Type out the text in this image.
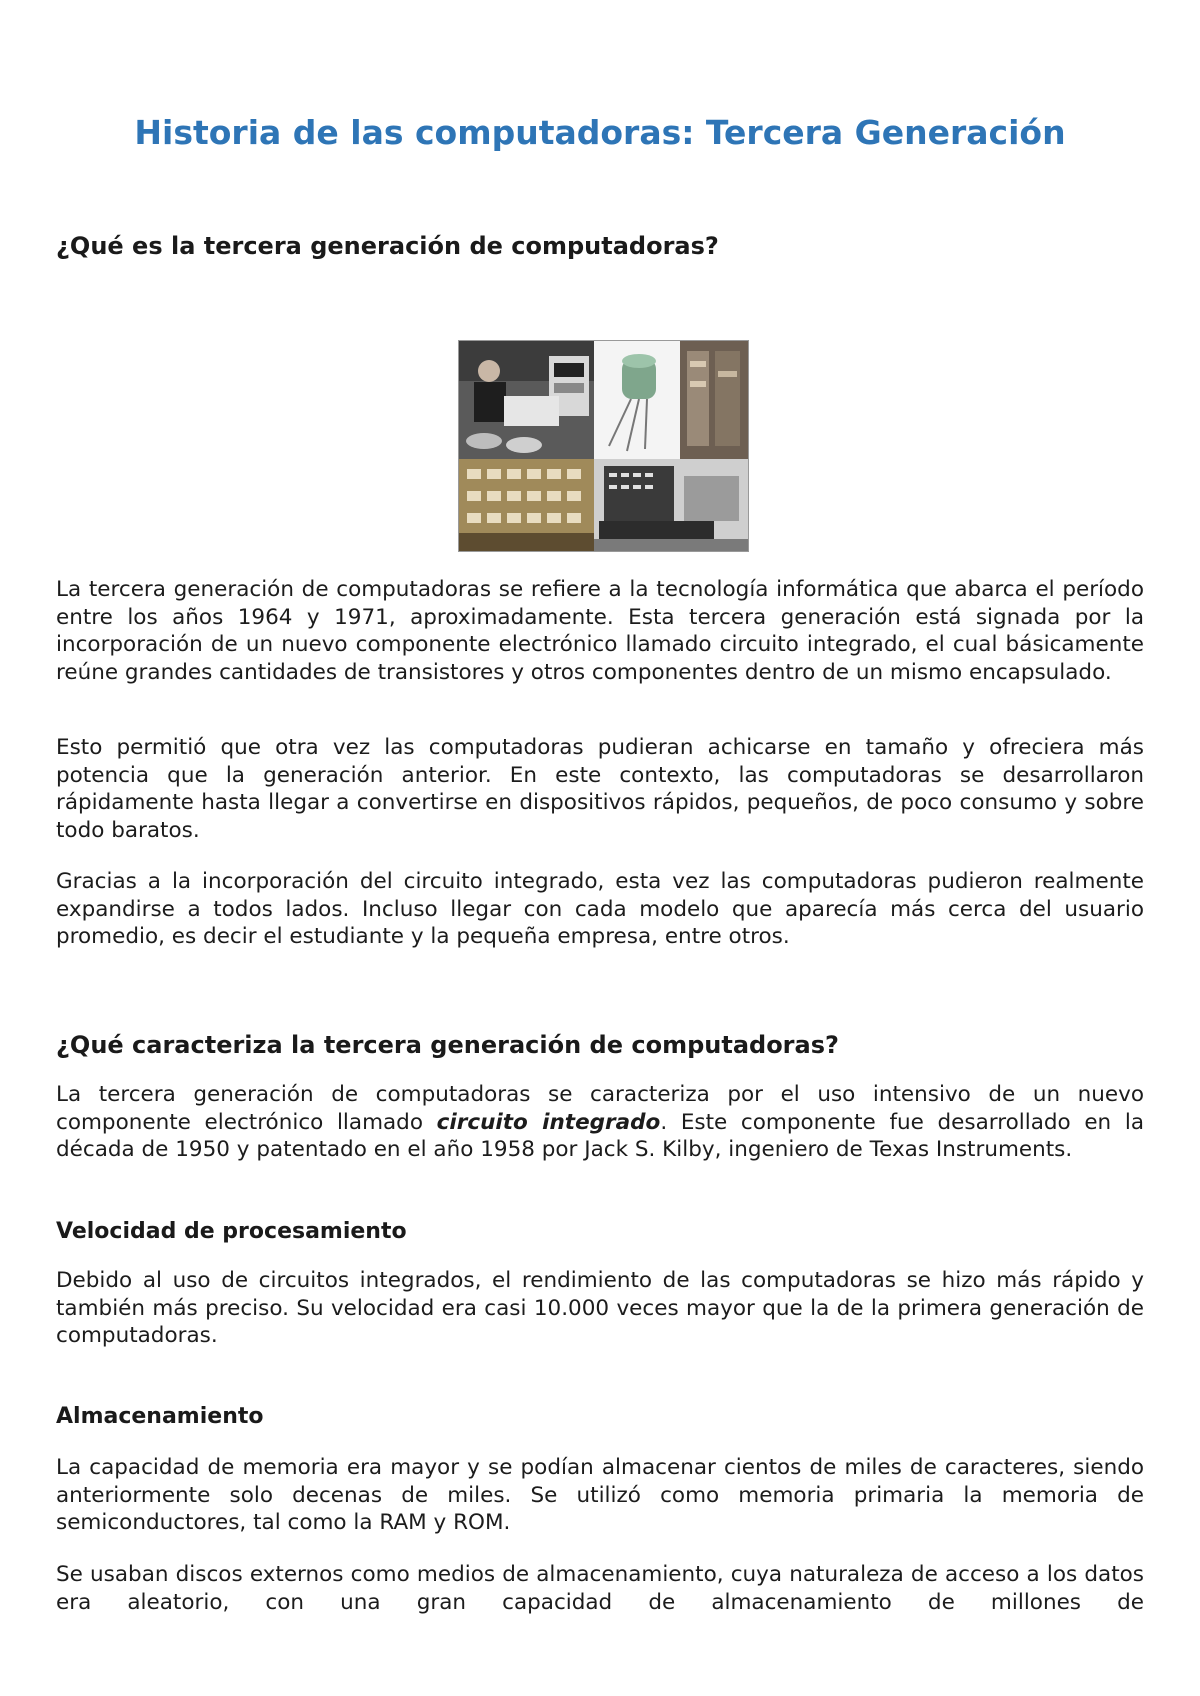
Historia de las computadoras: Tercera Generación
¿Qué es la tercera generación de computadoras?

La tercera generación de computadoras se refiere a la tecnología informática que abarca el período entre los años 1964 y 1971, aproximadamente. Esta tercera generación está signada por la incorporación de un nuevo componente electrónico llamado circuito integrado, el cual básicamente reúne grandes cantidades de transistores y otros componentes dentro de un mismo encapsulado.

Esto permitió que otra vez las computadoras pudieran achicarse en tamaño y ofreciera más potencia que la generación anterior. En este contexto, las computadoras se desarrollaron rápidamente hasta llegar a convertirse en dispositivos rápidos, pequeños, de poco consumo y sobre todo baratos.

Gracias a la incorporación del circuito integrado, esta vez las computadoras pudieron realmente expandirse a todos lados. Incluso llegar con cada modelo que aparecía más cerca del usuario promedio, es decir el estudiante y la pequeña empresa, entre otros.

¿Qué caracteriza la tercera generación de computadoras?

La tercera generación de computadoras se caracteriza por el uso intensivo de un nuevo componente electrónico llamado circuito integrado. Este componente fue desarrollado en la década de 1950 y patentado en el año 1958 por Jack S. Kilby, ingeniero de Texas Instruments.

Velocidad de procesamiento

Debido al uso de circuitos integrados, el rendimiento de las computadoras se hizo más rápido y también más preciso. Su velocidad era casi 10.000 veces mayor que la de la primera generación de computadoras.

Almacenamiento

La capacidad de memoria era mayor y se podían almacenar cientos de miles de caracteres, siendo anteriormente solo decenas de miles. Se utilizó como memoria primaria la memoria de semiconductores, tal como la RAM y ROM.

Se usaban discos externos como medios de almacenamiento, cuya naturaleza de acceso a los datos era aleatorio, con una gran capacidad de almacenamiento de millones de
